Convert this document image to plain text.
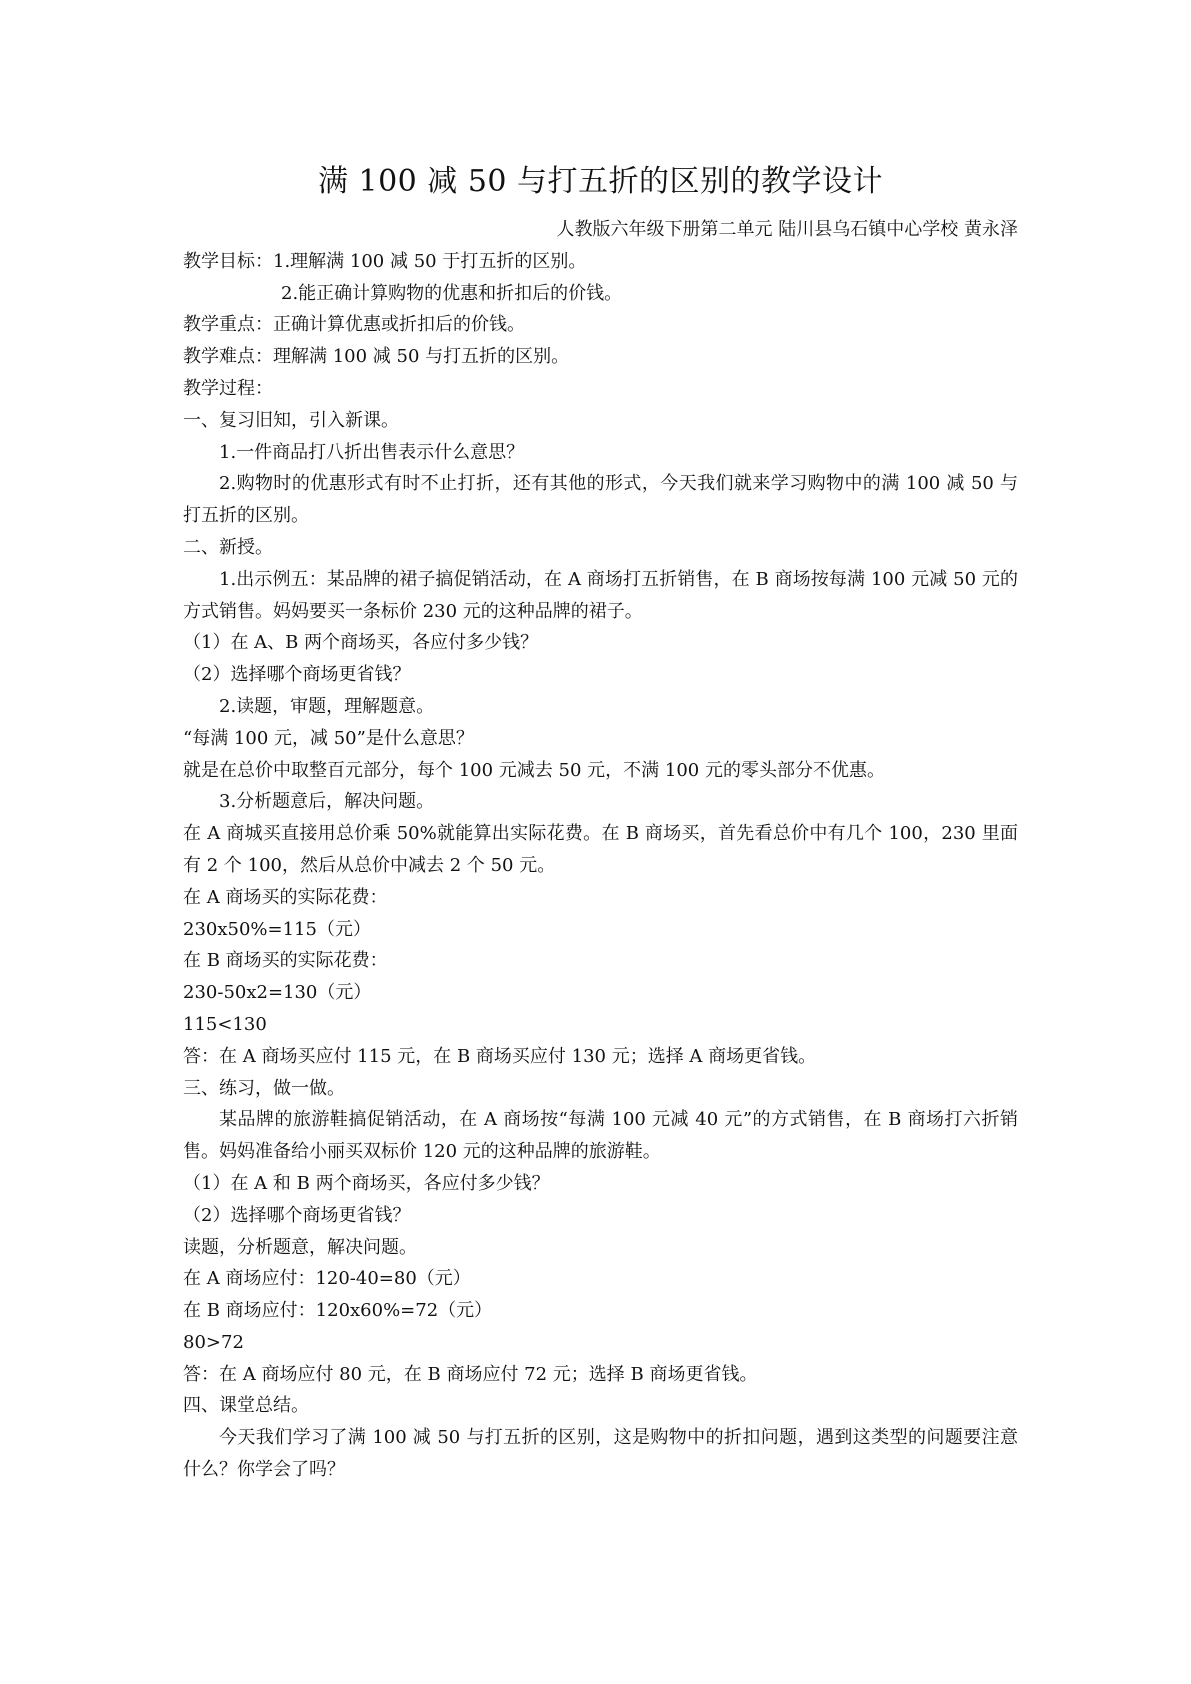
满 100 减 50 与打五折的区别的教学设计

人教版六年级下册第二单元 陆川县乌石镇中心学校 黄永泽

教学目标：1.理解满 100 减 50 于打五折的区别。

2.能正确计算购物的优惠和折扣后的价钱。

教学重点：正确计算优惠或折扣后的价钱。

教学难点：理解满 100 减 50 与打五折的区别。

教学过程：

一、复习旧知，引入新课。

1.一件商品打八折出售表示什么意思？

2.购物时的优惠形式有时不止打折，还有其他的形式，今天我们就来学习购物中的满 100 减 50 与打五折的区别。

二、新授。

1.出示例五：某品牌的裙子搞促销活动，在 A 商场打五折销售，在 B 商场按每满 100 元减 50 元的方式销售。妈妈要买一条标价 230 元的这种品牌的裙子。

（1）在 A、B 两个商场买，各应付多少钱？

（2）选择哪个商场更省钱？

2.读题，审题，理解题意。

“每满 100 元，减 50”是什么意思？

就是在总价中取整百元部分，每个 100 元减去 50 元，不满 100 元的零头部分不优惠。

3.分析题意后，解决问题。

在 A 商城买直接用总价乘 50%就能算出实际花费。在 B 商场买，首先看总价中有几个 100，230 里面有 2 个 100，然后从总价中减去 2 个 50 元。

在 A 商场买的实际花费：

230x50%=115（元）

在 B 商场买的实际花费：

230-50x2=130（元）

115<130

答：在 A 商场买应付 115 元，在 B 商场买应付 130 元；选择 A 商场更省钱。

三、练习，做一做。

某品牌的旅游鞋搞促销活动，在 A 商场按“每满 100 元减 40 元”的方式销售，在 B 商场打六折销售。妈妈准备给小丽买双标价 120 元的这种品牌的旅游鞋。

（1）在 A 和 B 两个商场买，各应付多少钱？

（2）选择哪个商场更省钱？

读题，分析题意，解决问题。

在 A 商场应付：120-40=80（元）

在 B 商场应付：120x60%=72（元）

80>72

答：在 A 商场应付 80 元，在 B 商场应付 72 元；选择 B 商场更省钱。

四、课堂总结。

今天我们学习了满 100 减 50 与打五折的区别，这是购物中的折扣问题，遇到这类型的问题要注意什么？你学会了吗？
